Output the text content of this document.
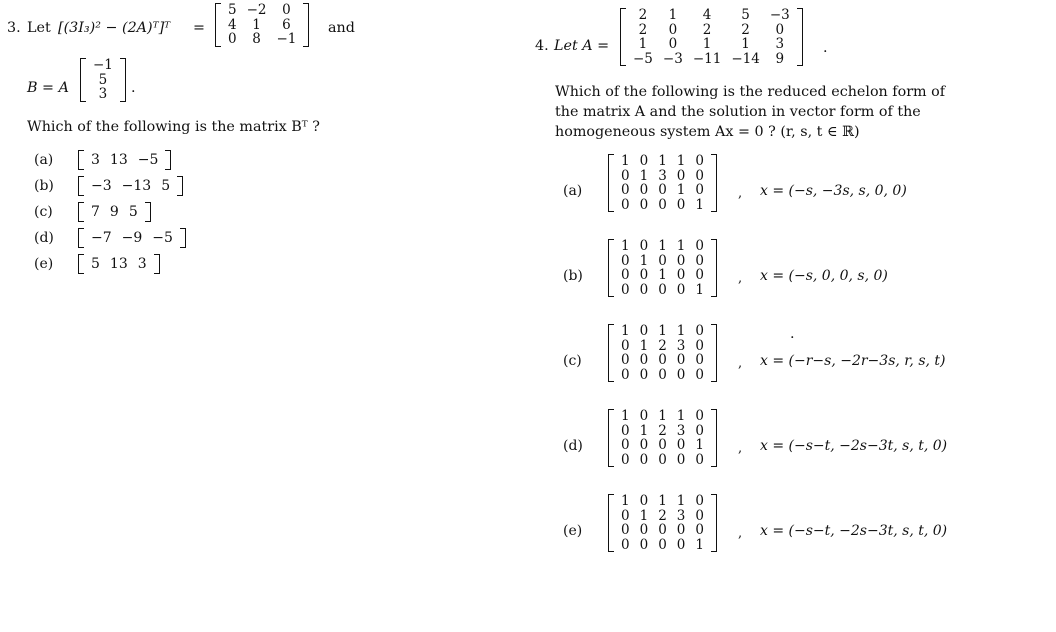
3. Let [(3I₃)² − (2A)ᵀ]ᵀ =
5	−2	0
4	1	6
0	8	−1
and
B = A
−1
5
3 .
Which of the following is the matrix Bᵀ ?
(a)	3	13	−5
(b)	−3	−13	5
(c)	7	9	5
(d)	−7	−9	−5
(e)	5	13	3
4. Let A =
2	1	4	5	−3
2	0	2	2	0
1	0	1	1	3
−5	−3	−11	−14	9
.
Which of the following is the reduced echelon form of
the matrix A and the solution in vector form of the
homogeneous system Ax = 0 ? (r, s, t ∈ ℝ)
.
(a)
1	0	1	1	0
0	1	3	0	0
0	0	0	1	0
0	0	0	0	1
, x = (−s, −3s, s, 0, 0)
(b)
1	0	1	1	0
0	1	0	0	0
0	0	1	0	0
0	0	0	0	1
, x = (−s, 0, 0, s, 0)
(c)
1	0	1	1	0
0	1	2	3	0
0	0	0	0	0
0	0	0	0	0
, x = (−r−s, −2r−3s, r, s, t)
(d)
1	0	1	1	0
0	1	2	3	0
0	0	0	0	1
0	0	0	0	0
, x = (−s−t, −2s−3t, s, t, 0)
(e)
1	0	1	1	0
0	1	2	3	0
0	0	0	0	0
0	0	0	0	1
, x = (−s−t, −2s−3t, s, t, 0)
